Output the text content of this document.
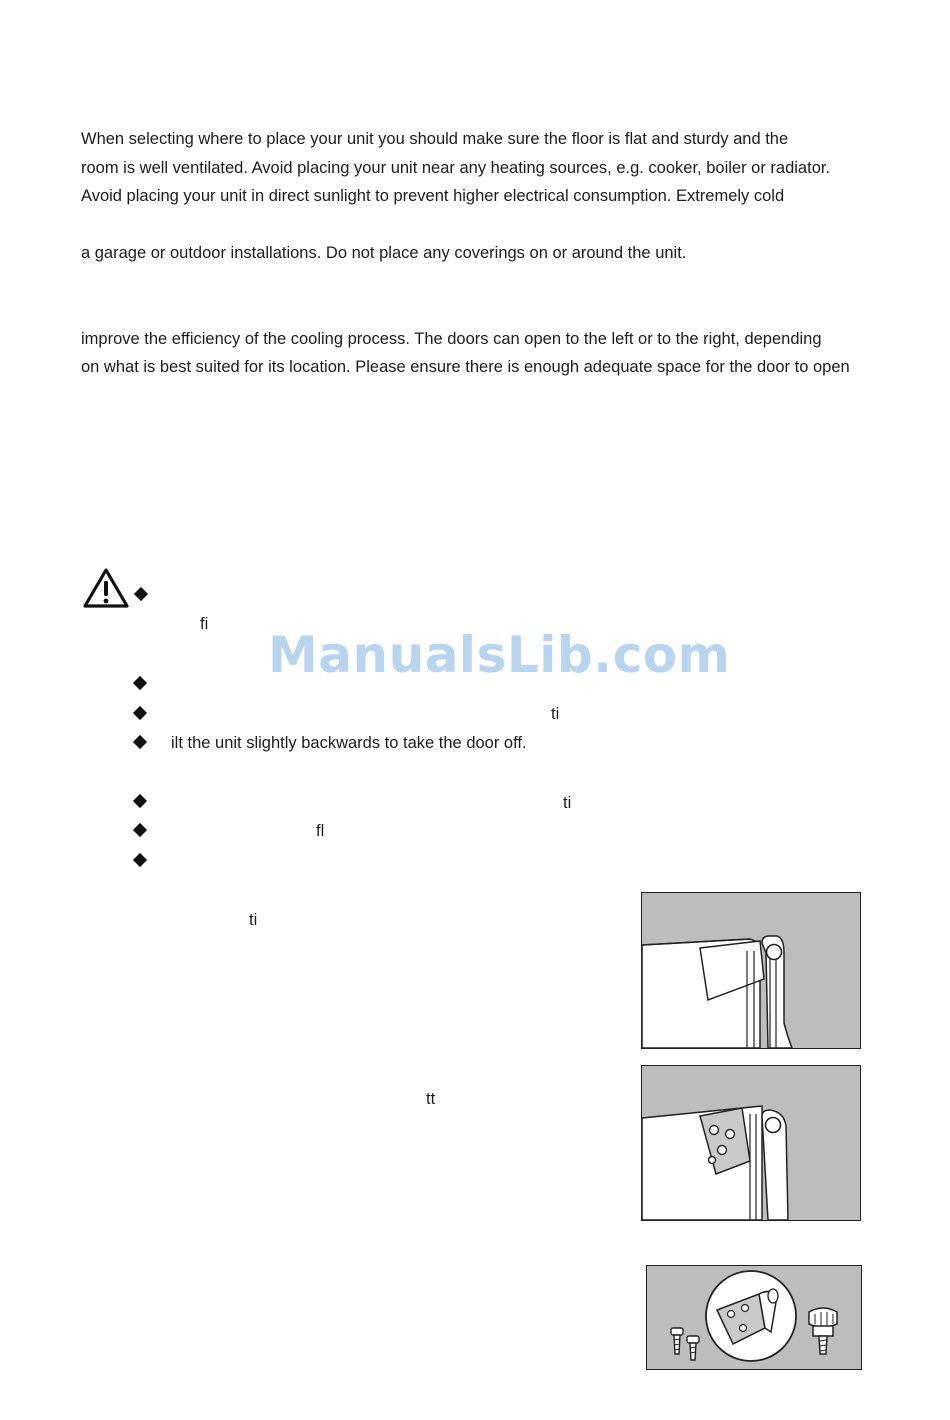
When selecting where to place your unit you should make sure the floor is flat and sturdy and the
room is well ventilated. Avoid placing your unit near any heating sources, e.g. cooker, boiler or radiator.
Avoid placing your unit in direct sunlight to prevent higher electrical consumption. Extremely cold
a garage or outdoor installations. Do not place any coverings on or around the unit.
improve the efficiency of the cooling process. The doors can open to the left or to the right, depending
on what is best suited for its location. Please ensure there is enough adequate space for the door to open
fi
ManualsLib.com
ti
ilt the unit slightly backwards to take the door off.
ti
fl
ti
tt
